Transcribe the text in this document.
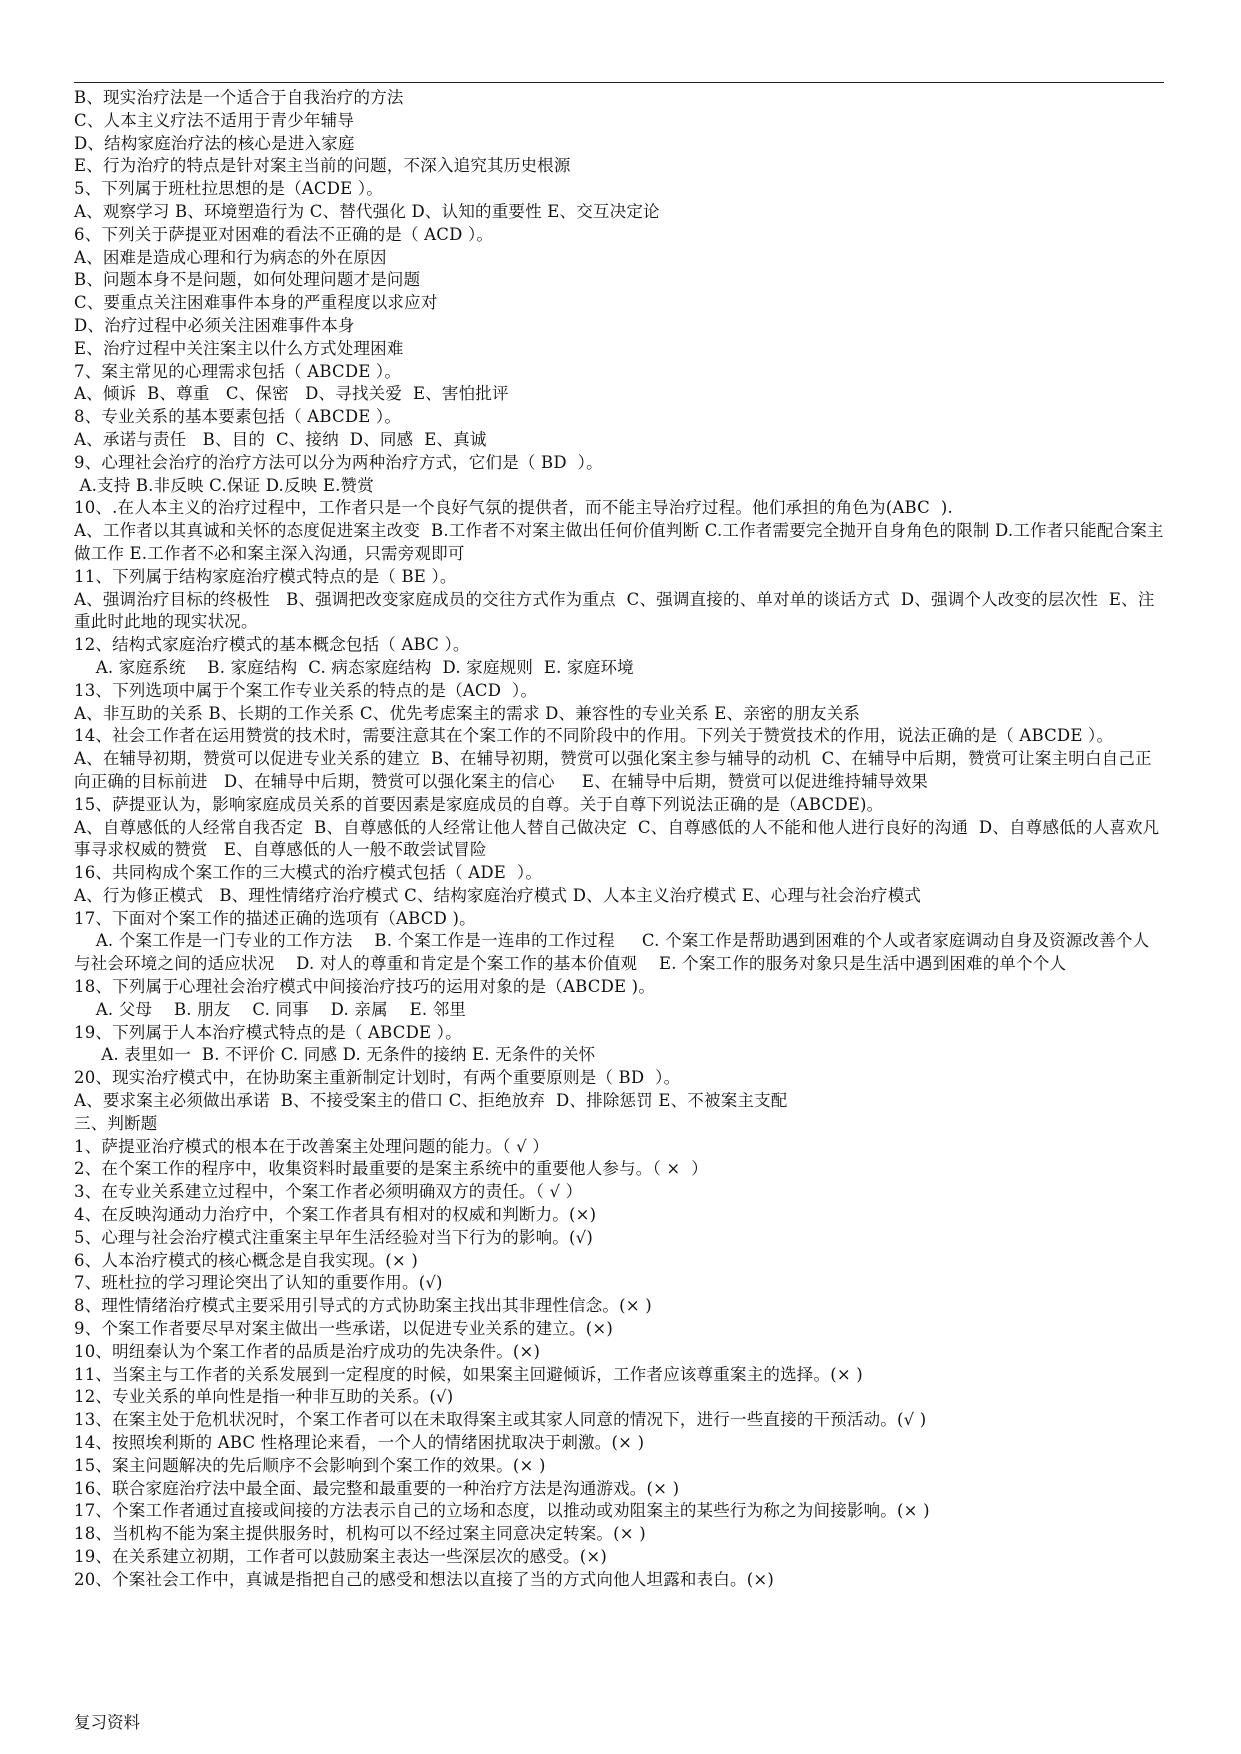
B、现实治疗法是一个适合于自我治疗的方法

C、人本主义疗法不适用于青少年辅导

D、结构家庭治疗法的核心是进入家庭

E、行为治疗的特点是针对案主当前的问题，不深入追究其历史根源

5、下列属于班杜拉思想的是（ACDE ）。

A、观察学习 B、环境塑造行为 C、替代强化 D、认知的重要性 E、交互决定论

6、下列关于萨提亚对困难的看法不正确的是（ ACD ）。

A、困难是造成心理和行为病态的外在原因

B、问题本身不是问题，如何处理问题才是问题

C、要重点关注困难事件本身的严重程度以求应对

D、治疗过程中必须关注困难事件本身

E、治疗过程中关注案主以什么方式处理困难

7、案主常见的心理需求包括（ ABCDE ）。

A、倾诉  B、尊重   C、保密   D、寻找关爱  E、害怕批评

8、专业关系的基本要素包括（ ABCDE ）。

A、承诺与责任   B、目的  C、接纳  D、同感  E、真诚

9、心理社会治疗的治疗方法可以分为两种治疗方式，它们是（ BD  ）。

A.支持 B.非反映 C.保证 D.反映 E.赞赏

10、.在人本主义的治疗过程中，工作者只是一个良好气氛的提供者，而不能主导治疗过程。他们承担的角色为(ABC  ).

A、工作者以其真诚和关怀的态度促进案主改变  B.工作者不对案主做出任何价值判断 C.工作者需要完全抛开自身角色的限制 D.工作者只能配合案主做工作 E.工作者不必和案主深入沟通，只需旁观即可

11、下列属于结构家庭治疗模式特点的是（ BE ）。

A、强调治疗目标的终极性   B、强调把改变家庭成员的交往方式作为重点  C、强调直接的、单对单的谈话方式  D、强调个人改变的层次性  E、注重此时此地的现实状况。

12、结构式家庭治疗模式的基本概念包括（ ABC ）。

A. 家庭系统    B. 家庭结构  C. 病态家庭结构  D. 家庭规则  E. 家庭环境

13、下列选项中属于个案工作专业关系的特点的是（ACD  ）。

A、非互助的关系 B、长期的工作关系 C、优先考虑案主的需求 D、兼容性的专业关系 E、亲密的朋友关系

14、社会工作者在运用赞赏的技术时，需要注意其在个案工作的不同阶段中的作用。下列关于赞赏技术的作用，说法正确的是（ ABCDE ）。

A、在辅导初期，赞赏可以促进专业关系的建立  B、在辅导初期，赞赏可以强化案主参与辅导的动机  C、在辅导中后期，赞赏可让案主明白自己正向正确的目标前进   D、在辅导中后期，赞赏可以强化案主的信心     E、在辅导中后期，赞赏可以促进维持辅导效果

15、萨提亚认为，影响家庭成员关系的首要因素是家庭成员的自尊。关于自尊下列说法正确的是（ABCDE)。

A、自尊感低的人经常自我否定  B、自尊感低的人经常让他人替自己做决定  C、自尊感低的人不能和他人进行良好的沟通  D、自尊感低的人喜欢凡事寻求权威的赞赏   E、自尊感低的人一般不敢尝试冒险

16、共同构成个案工作的三大模式的治疗模式包括（ ADE  ）。

A、行为修正模式   B、理性情绪疗治疗模式 C、结构家庭治疗模式 D、人本主义治疗模式 E、心理与社会治疗模式

17、下面对个案工作的描述正确的选项有（ABCD )。

A. 个案工作是一门专业的工作方法    B. 个案工作是一连串的工作过程     C. 个案工作是帮助遇到困难的个人或者家庭调动自身及资源改善个人与社会环境之间的适应状况    D. 对人的尊重和肯定是个案工作的基本价值观    E. 个案工作的服务对象只是生活中遇到困难的单个个人

18、下列属于心理社会治疗模式中间接治疗技巧的运用对象的是（ABCDE )。

A. 父母    B. 朋友    C. 同事    D. 亲属    E. 邻里

19、下列属于人本治疗模式特点的是（ ABCDE ）。

A. 表里如一  B. 不评价 C. 同感 D. 无条件的接纳 E. 无条件的关怀

20、现实治疗模式中，在协助案主重新制定计划时，有两个重要原则是（ BD  ）。

A、要求案主必须做出承诺  B、不接受案主的借口 C、拒绝放弃  D、排除惩罚 E、不被案主支配

三、判断题

1、萨提亚治疗模式的根本在于改善案主处理问题的能力。（ √ ）

2、在个案工作的程序中，收集资料时最重要的是案主系统中的重要他人参与。（ ×  ）

3、在专业关系建立过程中，个案工作者必须明确双方的责任。（ √ ）

4、在反映沟通动力治疗中，个案工作者具有相对的权威和判断力。(×)

5、心理与社会治疗模式注重案主早年生活经验对当下行为的影响。(√)

6、人本治疗模式的核心概念是自我实现。(× )

7、班杜拉的学习理论突出了认知的重要作用。(√)

8、理性情绪治疗模式主要采用引导式的方式协助案主找出其非理性信念。(× )

9、个案工作者要尽早对案主做出一些承诺，以促进专业关系的建立。(×)

10、明纽秦认为个案工作者的品质是治疗成功的先决条件。(×)

11、当案主与工作者的关系发展到一定程度的时候，如果案主回避倾诉，工作者应该尊重案主的选择。(× )

12、专业关系的单向性是指一种非互助的关系。(√)

13、在案主处于危机状况时，个案工作者可以在未取得案主或其家人同意的情况下，进行一些直接的干预活动。(√ )

14、按照埃利斯的 ABC 性格理论来看，一个人的情绪困扰取决于刺激。(× )

15、案主问题解决的先后顺序不会影响到个案工作的效果。(× )

16、联合家庭治疗法中最全面、最完整和最重要的一种治疗方法是沟通游戏。(× )

17、个案工作者通过直接或间接的方法表示自己的立场和态度，以推动或劝阻案主的某些行为称之为间接影响。(× )

18、当机构不能为案主提供服务时，机构可以不经过案主同意决定转案。(× )

19、在关系建立初期，工作者可以鼓励案主表达一些深层次的感受。(×)

20、个案社会工作中，真诚是指把自己的感受和想法以直接了当的方式向他人坦露和表白。(×)

复习资料
